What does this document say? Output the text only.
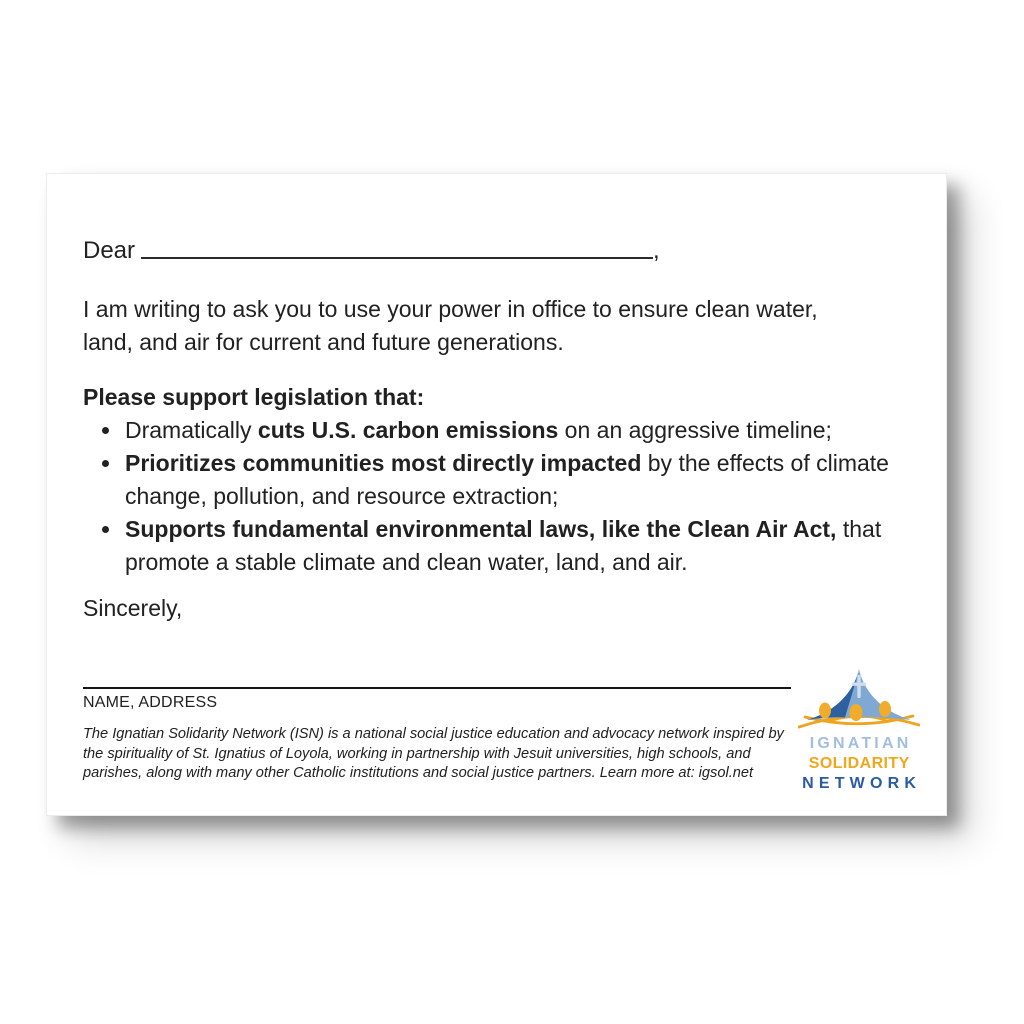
Dear	,

I am writing to ask you to use your power in office to ensure clean water, land, and air for current and future generations.

Please support legislation that:

• Dramatically cuts U.S. carbon emissions on an aggressive timeline;
• Prioritizes communities most directly impacted by the effects of climate change, pollution, and resource extraction;
• Supports fundamental environmental laws, like the Clean Air Act, that promote a stable climate and clean water, land, and air.

Sincerely,

NAME, ADDRESS

The Ignatian Solidarity Network (ISN) is a national social justice education and advocacy network inspired by the spirituality of St. Ignatius of Loyola, working in partnership with Jesuit universities, high schools, and parishes, along with many other Catholic institutions and social justice partners. Learn more at: igsol.net

IGNATIAN
SOLIDARITY
NETWORK
